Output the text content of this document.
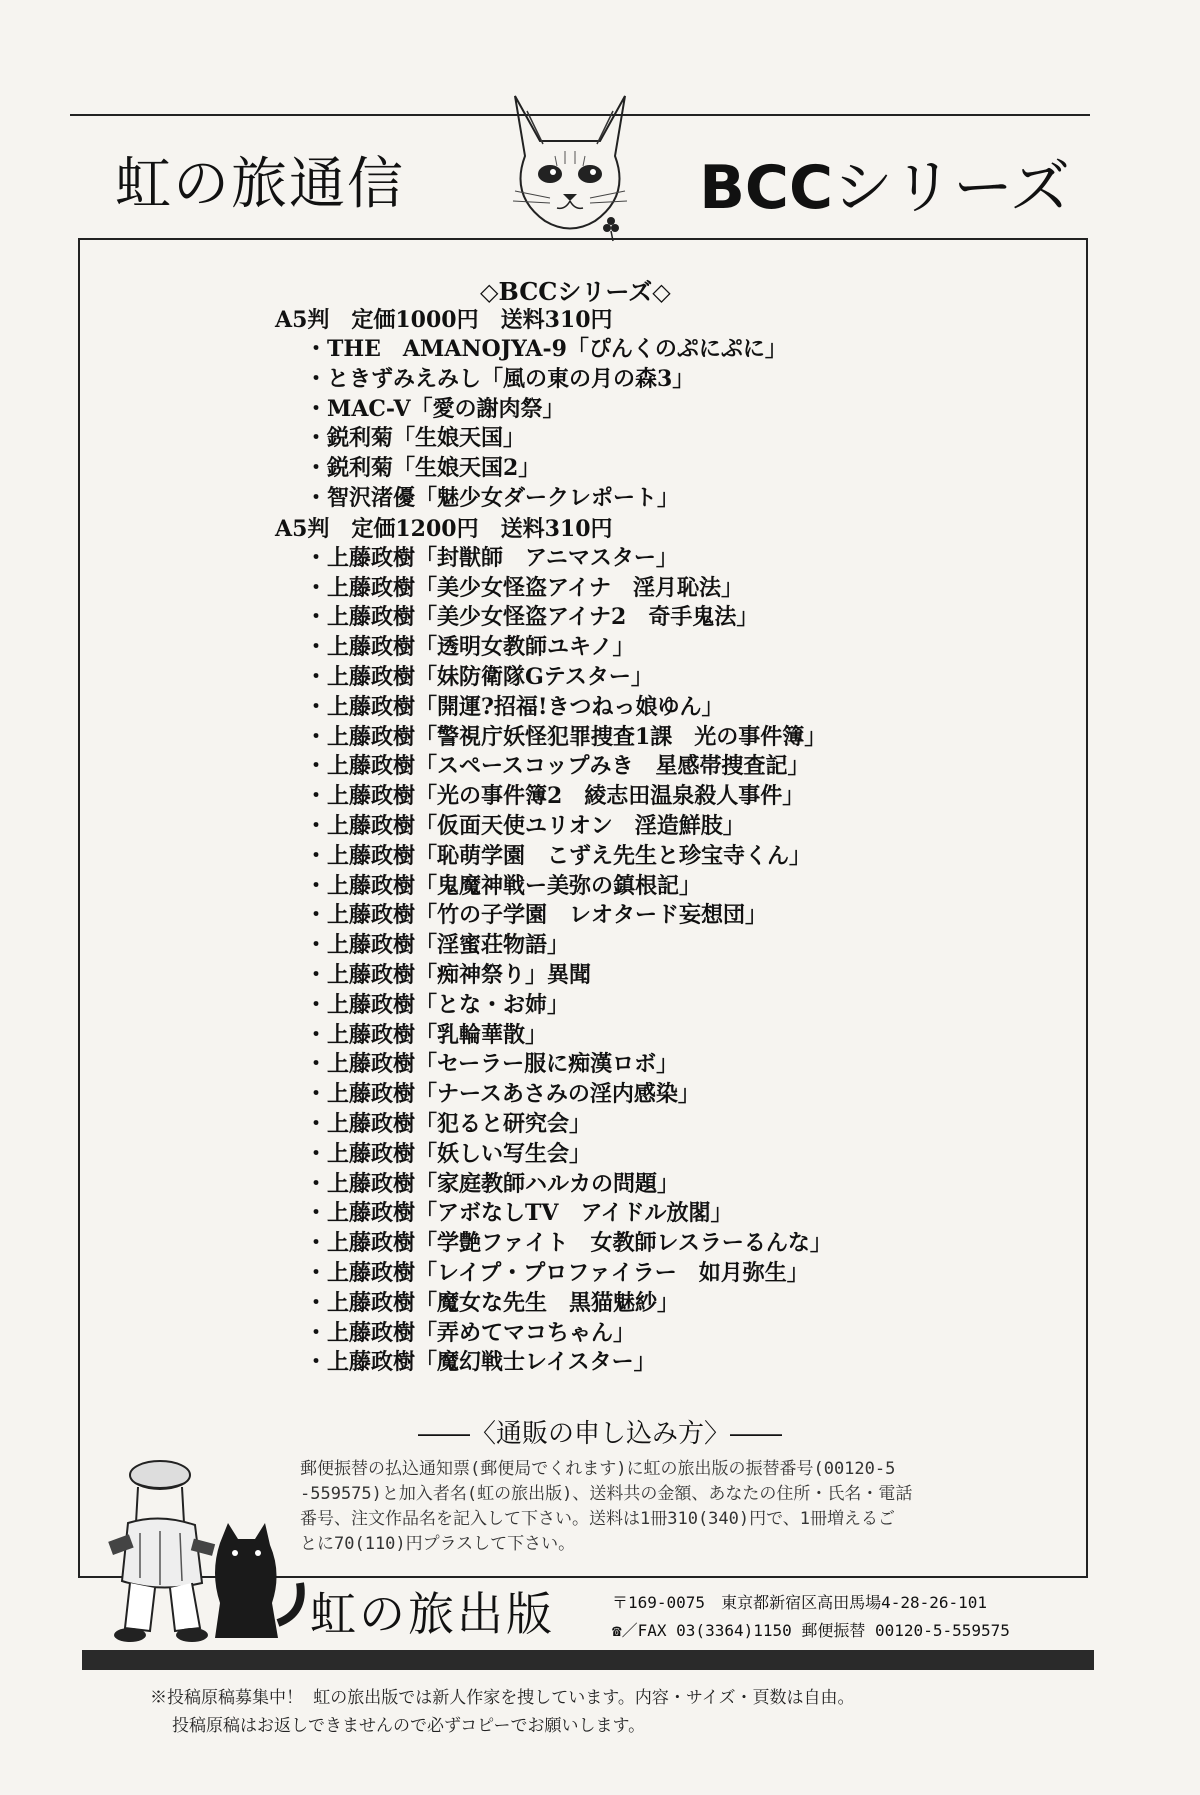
虹の旅通信	BCCシリーズ
◇BCCシリーズ◇
A5判　定価1000円　送料310円
・THE　AMANOJYA-9「ぴんくのぷにぷに」
・ときずみえみし「風の東の月の森3」
・MAC-V「愛の謝肉祭」
・鋭利菊「生娘天国」
・鋭利菊「生娘天国2」
・智沢渚優「魅少女ダークレポート」
A5判　定価1200円　送料310円
・上藤政樹「封獣師　アニマスター」
・上藤政樹「美少女怪盗アイナ　淫月恥法」
・上藤政樹「美少女怪盗アイナ2　奇手鬼法」
・上藤政樹「透明女教師ユキノ」
・上藤政樹「妹防衛隊Gテスター」
・上藤政樹「開運?招福!きつねっ娘ゆん」
・上藤政樹「警視庁妖怪犯罪捜査1課　光の事件簿」
・上藤政樹「スペースコップみき　星感帯捜査記」
・上藤政樹「光の事件簿2　綾志田温泉殺人事件」
・上藤政樹「仮面天使ユリオン　淫造鮮肢」
・上藤政樹「恥萌学園　こずえ先生と珍宝寺くん」
・上藤政樹「鬼魔神戦ー美弥の鎮根記」
・上藤政樹「竹の子学園　レオタード妄想団」
・上藤政樹「淫蜜荘物語」
・上藤政樹「痴神祭り」異聞
・上藤政樹「とな・お姉」
・上藤政樹「乳輪華散」
・上藤政樹「セーラー服に痴漢ロボ」
・上藤政樹「ナースあさみの淫内感染」
・上藤政樹「犯ると研究会」
・上藤政樹「妖しい写生会」
・上藤政樹「家庭教師ハルカの問題」
・上藤政樹「アボなしTV　アイドル放閣」
・上藤政樹「学艶ファイト　女教師レスラーるんな」
・上藤政樹「レイプ・プロファイラー　如月弥生」
・上藤政樹「魔女な先生　黒猫魅紗」
・上藤政樹「弄めてマコちゃん」
・上藤政樹「魔幻戦士レイスター」
――〈通販の申し込み方〉――

郵便振替の払込通知票(郵便局でくれます)に虹の旅出版の振替番号(00120-5

-559575)と加入者名(虹の旅出版)、送料共の金額、あなたの住所・氏名・電話

番号、注文作品名を記入して下さい。送料は1冊310(340)円で、1冊増えるご

とに70(110)円プラスして下さい。

虹の旅出版	〒169-0075　東京都新宿区高田馬場4-28-26-101
☎／FAX 03(3364)1150 郵便振替 00120-5-559575
※投稿原稿募集中！ 虹の旅出版では新人作家を捜しています。内容・サイズ・頁数は自由。
投稿原稿はお返しできませんので必ずコピーでお願いします。
